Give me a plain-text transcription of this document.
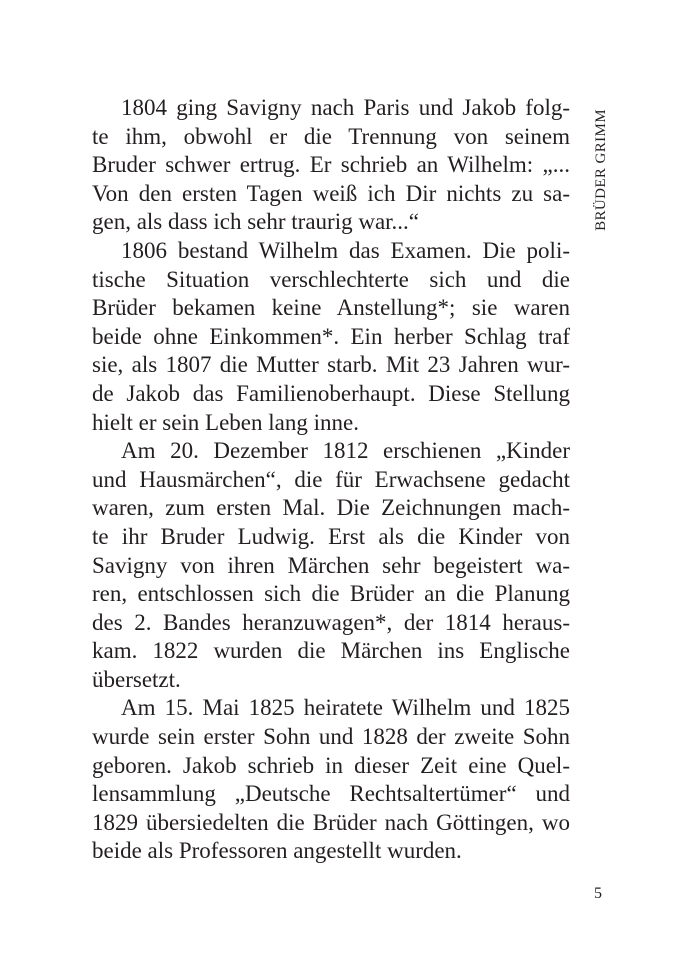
BRÜDER GRIMM
1804 ging Savigny nach Paris und Jakob folg-
te ihm, obwohl er die Trennung von seinem
Bruder schwer ertrug. Er schrieb an Wilhelm: „...
Von den ersten Tagen weiß ich Dir nichts zu sa-
gen, als dass ich sehr traurig war...“
1806 bestand Wilhelm das Examen. Die poli-
tische Situation verschlechterte sich und die
Brüder bekamen keine Anstellung*; sie waren
beide ohne Einkommen*. Ein herber Schlag traf
sie, als 1807 die Mutter starb. Mit 23 Jahren wur-
de Jakob das Familienoberhaupt. Diese Stellung
hielt er sein Leben lang inne.
Am 20. Dezember 1812 erschienen „Kinder
und Hausmärchen“, die für Erwachsene gedacht
waren, zum ersten Mal. Die Zeichnungen mach-
te ihr Bruder Ludwig. Erst als die Kinder von
Savigny von ihren Märchen sehr begeistert wa-
ren, entschlossen sich die Brüder an die Planung
des 2. Bandes heranzuwagen*, der 1814 heraus-
kam. 1822 wurden die Märchen ins Englische
übersetzt.
Am 15. Mai 1825 heiratete Wilhelm und 1825
wurde sein erster Sohn und 1828 der zweite Sohn
geboren. Jakob schrieb in dieser Zeit eine Quel-
lensammlung „Deutsche Rechtsaltertümer“ und
1829 übersiedelten die Brüder nach Göttingen, wo
beide als Professoren angestellt wurden.
5
